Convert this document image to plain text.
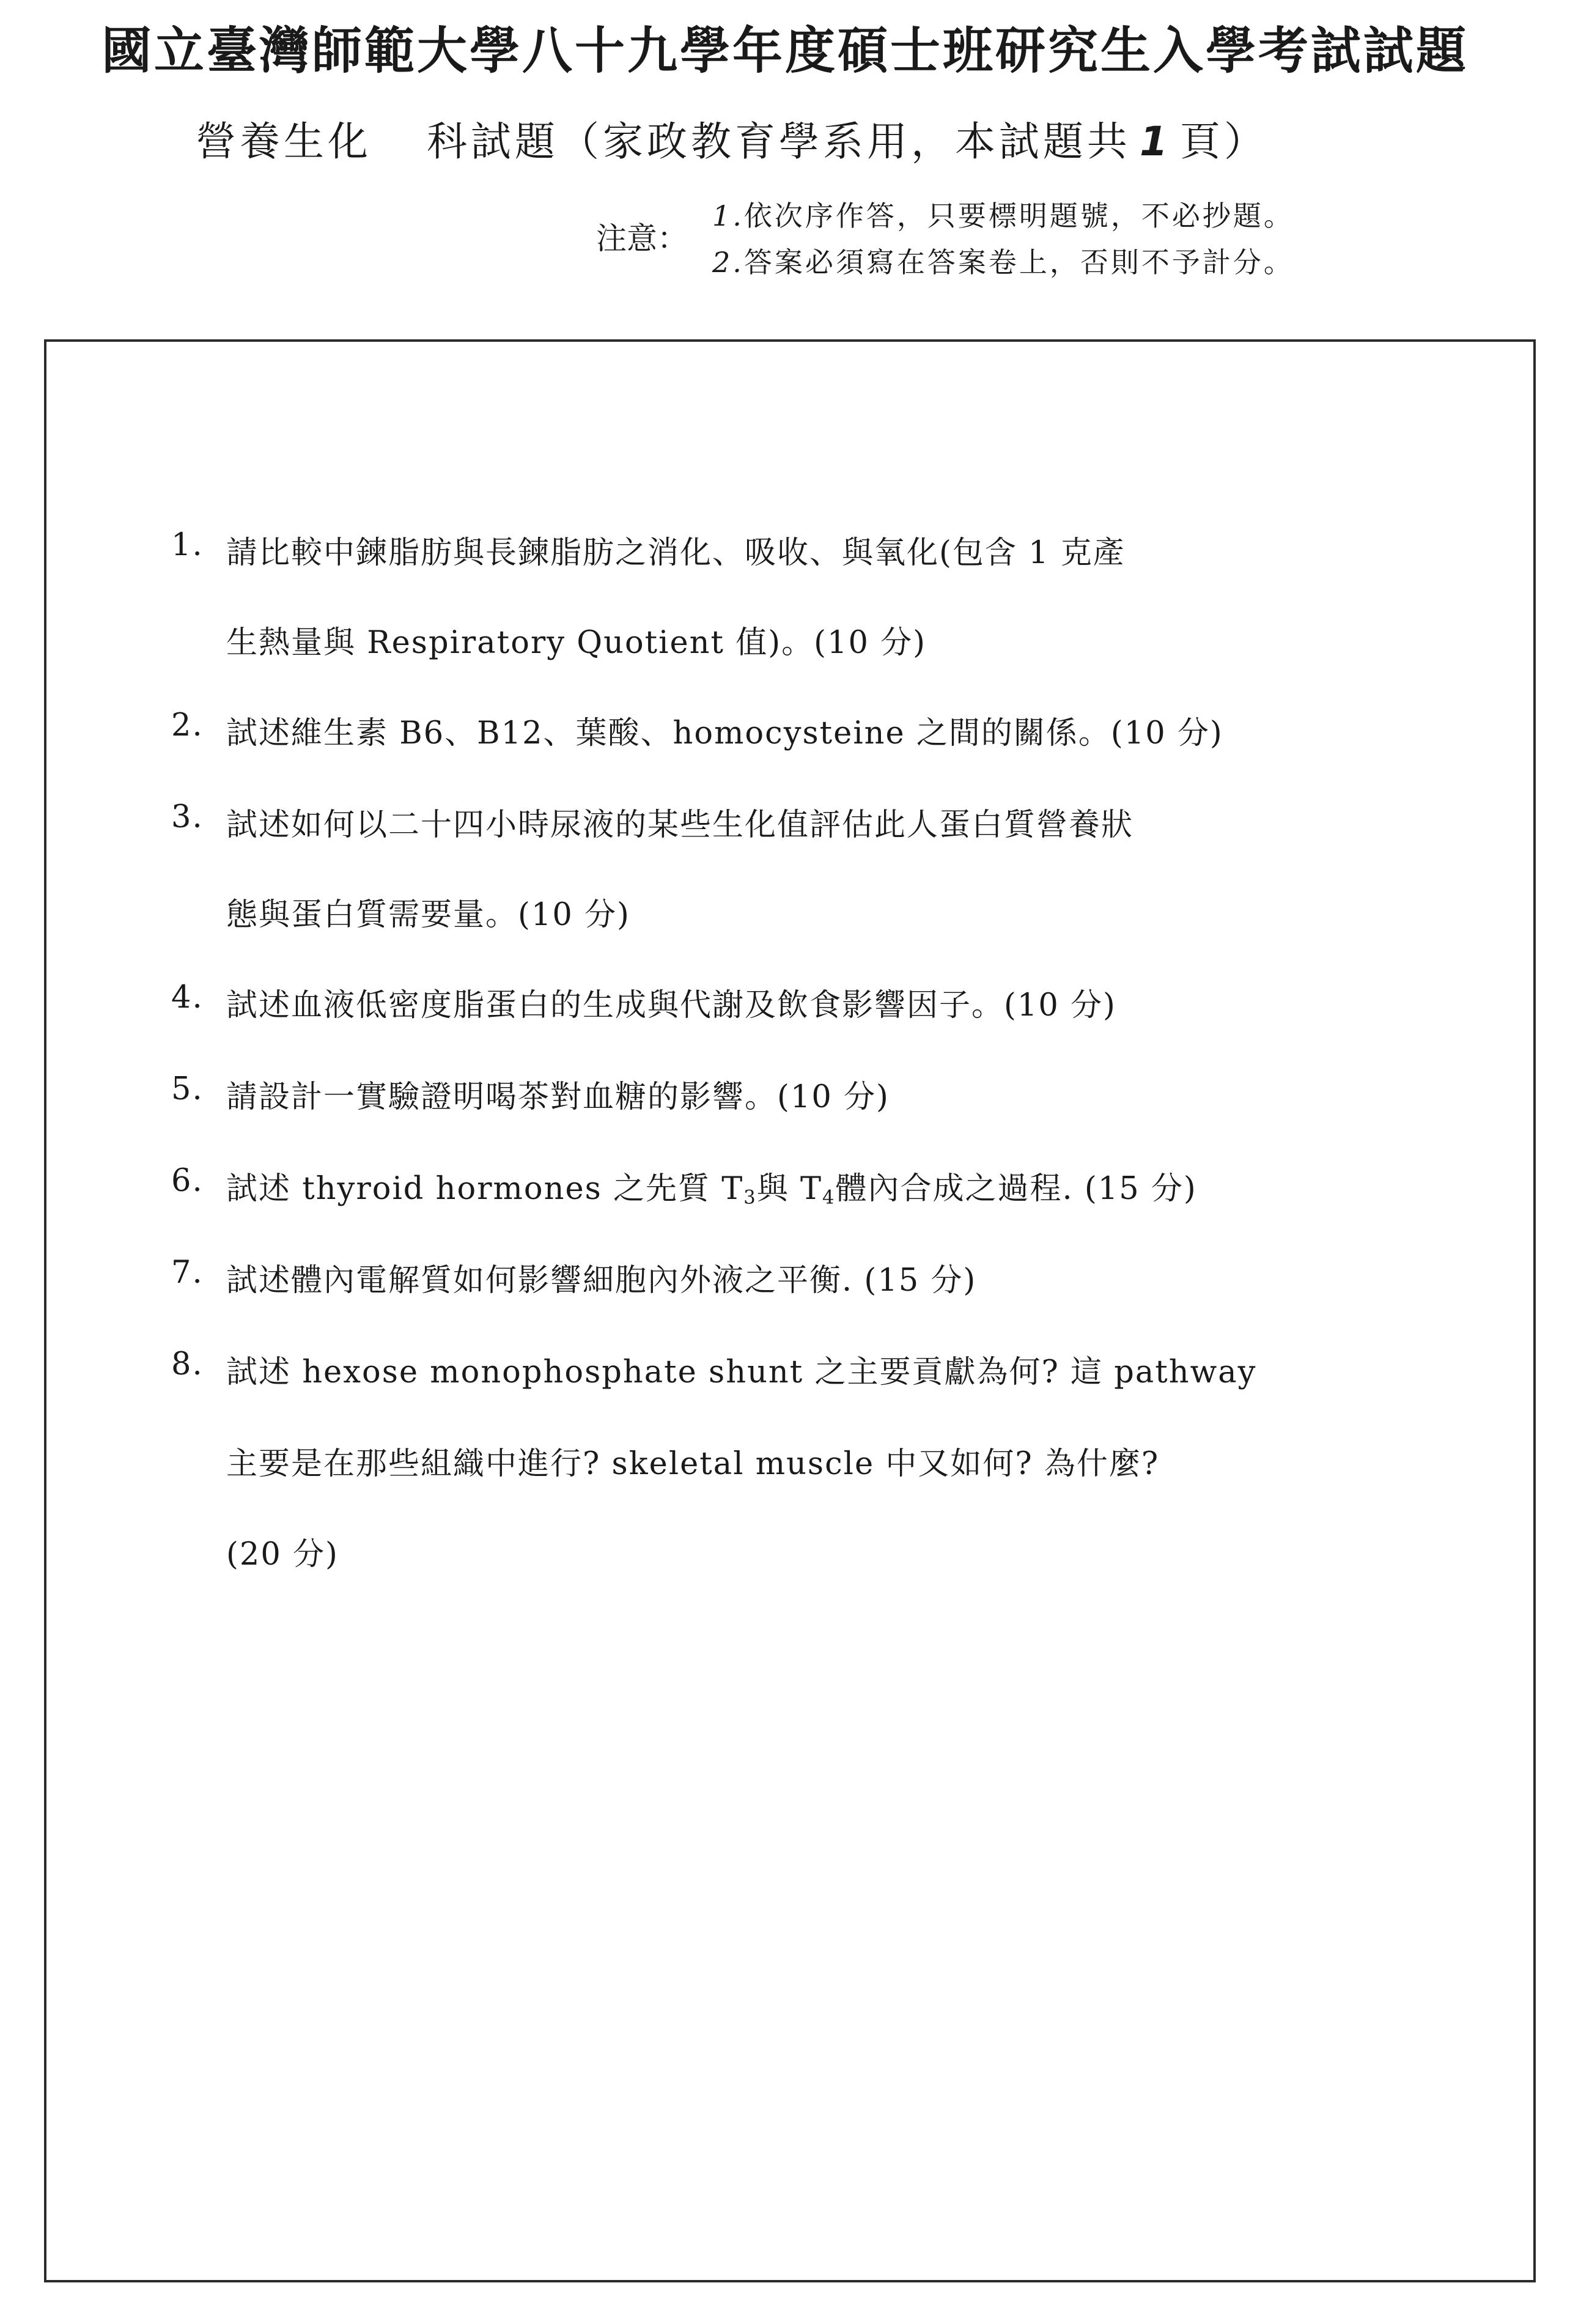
國立臺灣師範大學八十九學年度碩士班研究生入學考試試題
營養生化 科試題（家政教育學系用，本試題共 1 頁）
注意：
1.依次序作答，只要標明題號，不必抄題。
2.答案必須寫在答案卷上，否則不予計分。
1. 請比較中鍊脂肪與長鍊脂肪之消化、吸收、與氧化(包含 1 克產
生熱量與 Respiratory Quotient 值)。(10 分)
2. 試述維生素 B6、B12、葉酸、homocysteine 之間的關係。(10 分)
3. 試述如何以二十四小時尿液的某些生化值評估此人蛋白質營養狀
態與蛋白質需要量。(10 分)
4. 試述血液低密度脂蛋白的生成與代謝及飲食影響因子。(10 分)
5. 請設計一實驗證明喝茶對血糖的影響。(10 分)
6. 試述 thyroid hormones 之先質 $T_3$與 $T_4$體內合成之過程. (15 分)
7. 試述體內電解質如何影響細胞內外液之平衡. (15 分)
8. 試述 hexose monophosphate shunt 之主要貢獻為何? 這 pathway
主要是在那些組織中進行? skeletal muscle 中又如何? 為什麼?
(20 分)
